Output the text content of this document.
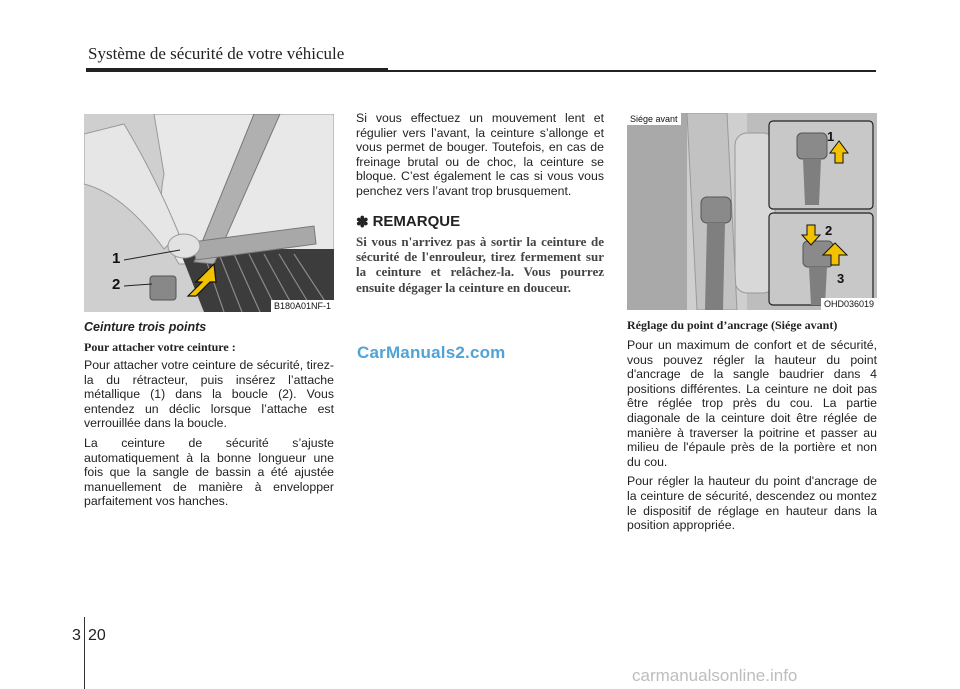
Système de sécurité de votre véhicule
1
2
B180A01NF-1
Ceinture trois points
Pour attacher votre ceinture :
Pour attacher votre ceinture de sécurité, tirez-la du rétracteur, puis insérez l’attache métallique (1) dans la boucle (2). Vous entendez un déclic lorsque l’attache est verrouillée dans la boucle.
La ceinture de sécurité s’ajuste automatiquement à la bonne longueur une fois que la sangle de bassin a été ajustée manuellement de manière à envelopper parfaitement vos hanches.
Si vous effectuez un mouvement lent et régulier vers l’avant, la ceinture s’allonge et vous permet de bouger. Toutefois, en cas de freinage brutal ou de choc, la ceinture se bloque. C’est également le cas si vous vous penchez vers l’avant trop brusquement.
✽ REMARQUE
Si vous n'arrivez pas à sortir la ceinture de sécurité de l'enrouleur, tirez fermement sur la ceinture et relâchez-la. Vous pourrez ensuite dégager la ceinture en douceur.
1
2
3
Siége avant
OHD036019
Réglage du point d’ancrage (Siége avant)
Pour un maximum de confort et de sécurité, vous pouvez régler la hauteur du point d'ancrage de la sangle baudrier dans 4 positions différentes. La ceinture ne doit pas être réglée trop près du cou. La partie diagonale de la ceinture doit être réglée de manière à traverser la poitrine et passer au milieu de l'épaule près de la portière et non du cou.
Pour régler la hauteur du point d'ancrage de la ceinture de sécurité, descendez ou montez le dispositif de réglage en hauteur dans la position appropriée.
CarManuals2.com
3 20
carmanualsonline.info
